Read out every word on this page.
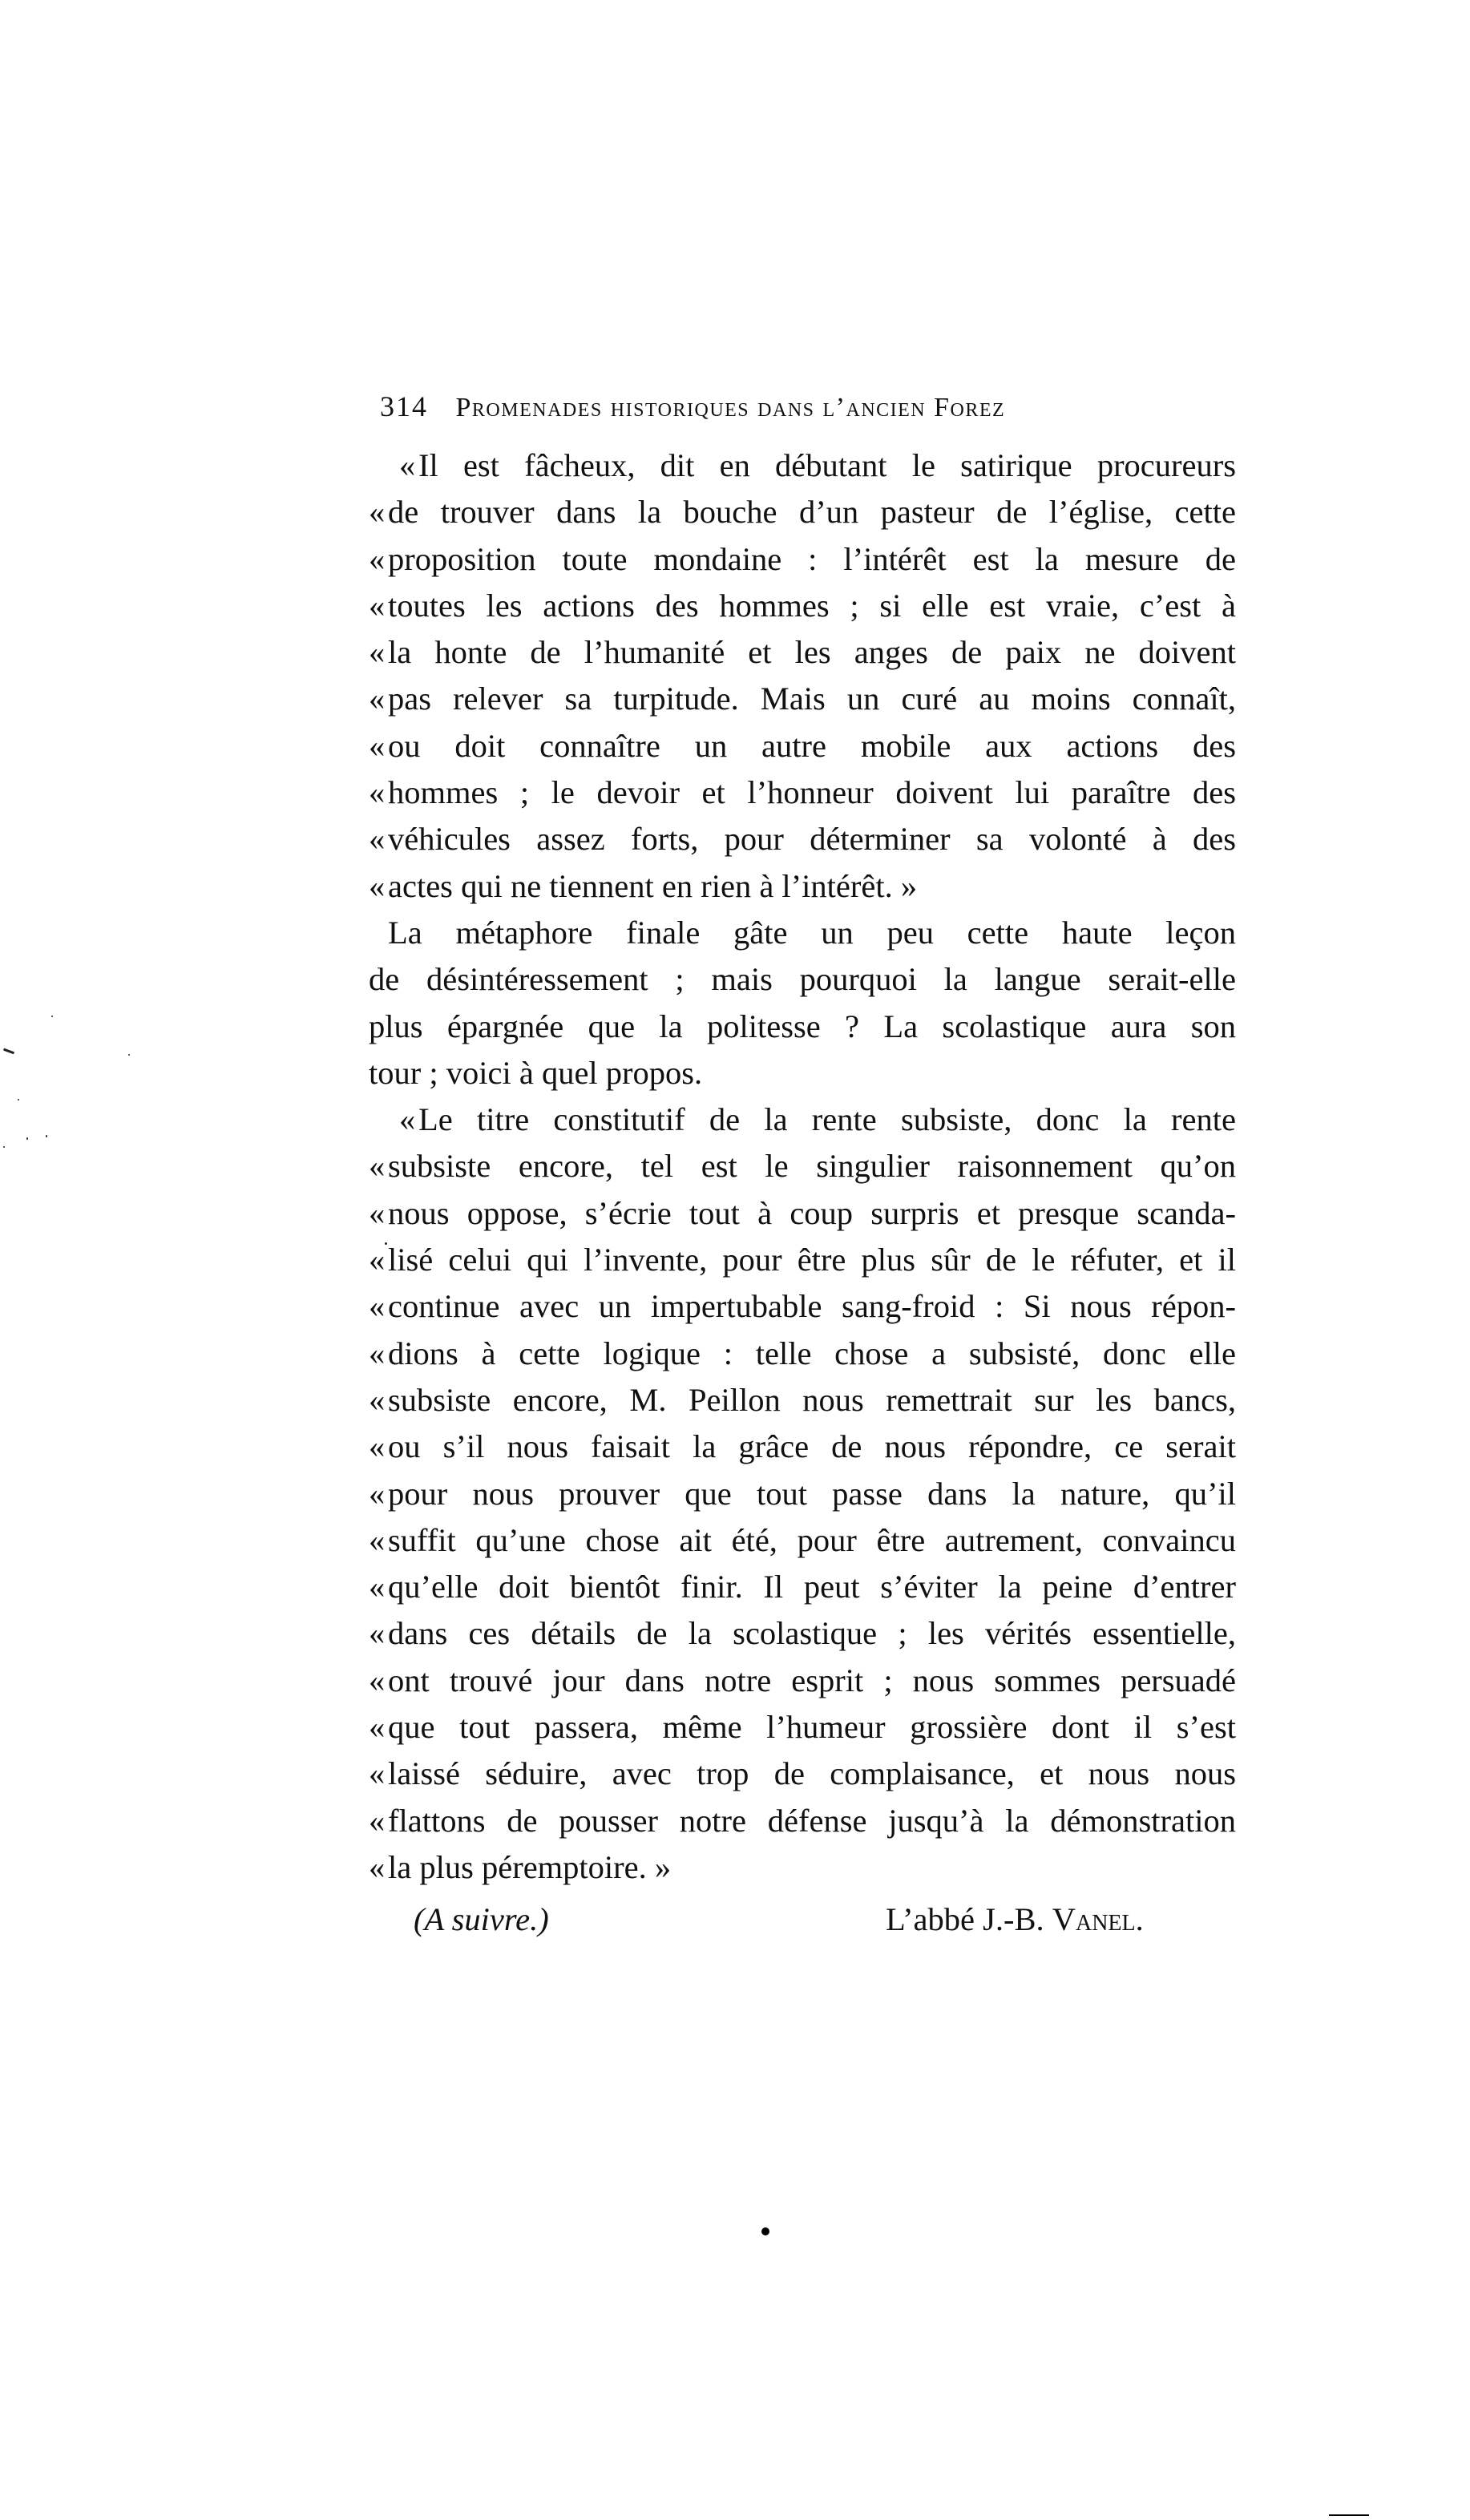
314 Promenades historiques dans l’ancien Forez
« Il est fâcheux, dit en débutant le satirique procureurs
« de trouver dans la bouche d’un pasteur de l’église, cette
« proposition toute mondaine : l’intérêt est la mesure de
« toutes les actions des hommes ; si elle est vraie, c’est à
« la honte de l’humanité et les anges de paix ne doivent
« pas relever sa turpitude. Mais un curé au moins connaît,
« ou doit connaître un autre mobile aux actions des
« hommes ; le devoir et l’honneur doivent lui paraître des
« véhicules assez forts, pour déterminer sa volonté à des
« actes qui ne tiennent en rien à l’intérêt. »
La métaphore finale gâte un peu cette haute leçon
de désintéressement ; mais pourquoi la langue serait-elle
plus épargnée que la politesse ? La scolastique aura son
tour ; voici à quel propos.
« Le titre constitutif de la rente subsiste, donc la rente
« subsiste encore, tel est le singulier raisonnement qu’on
« nous oppose, s’écrie tout à coup surpris et presque scanda-
« lisé celui qui l’invente, pour être plus sûr de le réfuter, et il
« continue avec un impertubable sang-froid : Si nous répon-
« dions à cette logique : telle chose a subsisté, donc elle
« subsiste encore, M. Peillon nous remettrait sur les bancs,
« ou s’il nous faisait la grâce de nous répondre, ce serait
« pour nous prouver que tout passe dans la nature, qu’il
« suffit qu’une chose ait été, pour être autrement, convaincu
« qu’elle doit bientôt finir. Il peut s’éviter la peine d’entrer
« dans ces détails de la scolastique ; les vérités essentielle,
« ont trouvé jour dans notre esprit ; nous sommes persuadé
« que tout passera, même l’humeur grossière dont il s’est
« laissé séduire, avec trop de complaisance, et nous nous
« flattons de pousser notre défense jusqu’à la démonstration
« la plus péremptoire. »
(A suivre.)	L’abbé J.-B. Vanel.
